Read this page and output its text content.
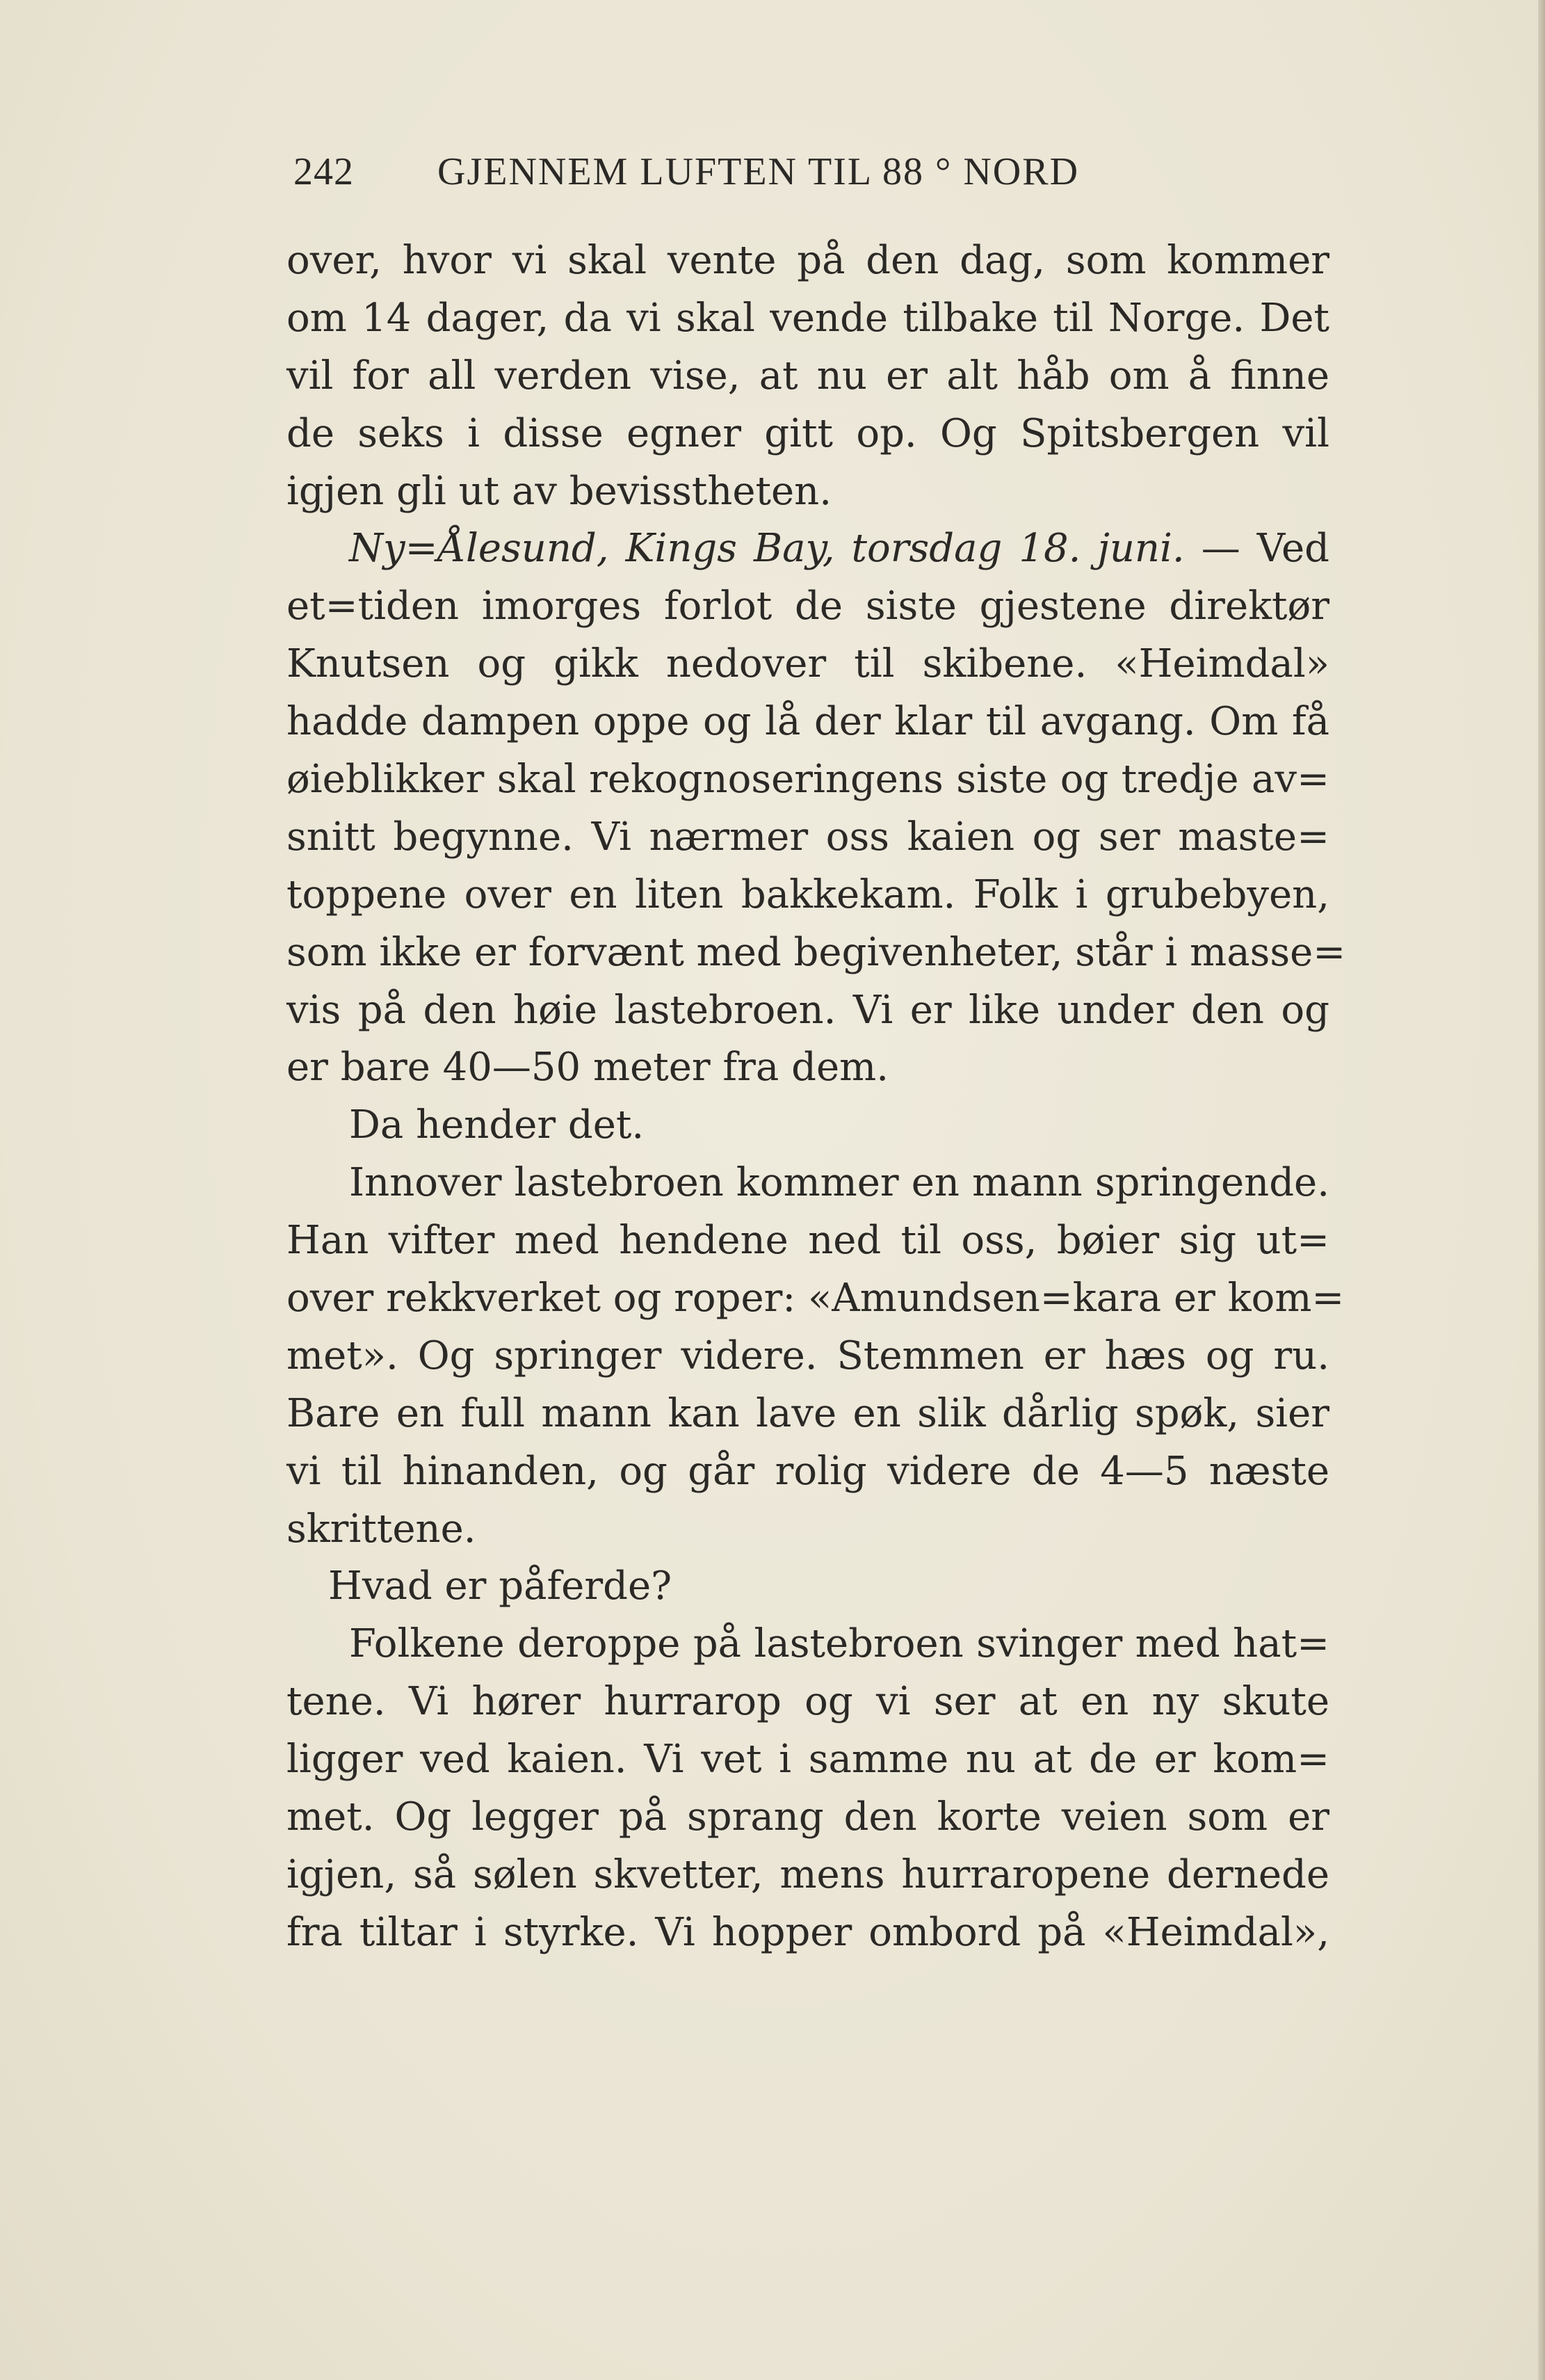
242 GJENNEM LUFTEN TIL 88 ° NORD
over, hvor vi skal vente på den dag, som kommer
om 14 dager, da vi skal vende tilbake til Norge. Det
vil for all verden vise, at nu er alt håb om å finne
de seks i disse egner gitt op. Og Spitsbergen vil
igjen gli ut av bevisstheten.
Ny=Ålesund, Kings Bay, torsdag 18. juni. — Ved
et=tiden imorges forlot de siste gjestene direktør
Knutsen og gikk nedover til skibene. «Heimdal»
hadde dampen oppe og lå der klar til avgang. Om få
øieblikker skal rekognoseringens siste og tredje av=
snitt begynne. Vi nærmer oss kaien og ser maste=
toppene over en liten bakkekam. Folk i grubebyen,
som ikke er forvænt med begivenheter, står i masse=
vis på den høie lastebroen. Vi er like under den og
er bare 40—50 meter fra dem.
Da hender det.
Innover lastebroen kommer en mann springende.
Han vifter med hendene ned til oss, bøier sig ut=
over rekkverket og roper: «Amundsen=kara er kom=
met». Og springer videre. Stemmen er hæs og ru.
Bare en full mann kan lave en slik dårlig spøk, sier
vi til hinanden, og går rolig videre de 4—5 næste
skrittene.
Hvad er påferde?
Folkene deroppe på lastebroen svinger med hat=
tene. Vi hører hurrarop og vi ser at en ny skute
ligger ved kaien. Vi vet i samme nu at de er kom=
met. Og legger på sprang den korte veien som er
igjen, så sølen skvetter, mens hurraropene dernede
fra tiltar i styrke. Vi hopper ombord på «Heimdal»,
